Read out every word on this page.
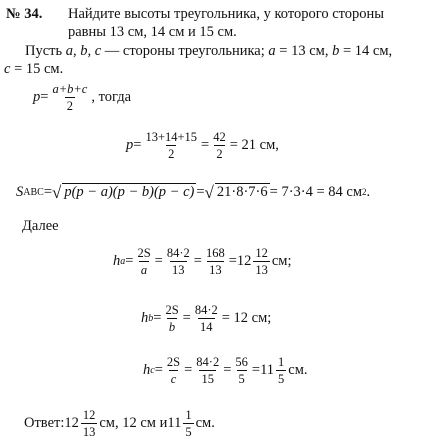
№ 34. Найдите высоты треугольника, у которого стороны
равны 13 см, 14 см и 15 см.
Пусть a, b, c — стороны треугольника; a = 13 см, b = 14 см,
c = 15 см.
$p = \frac{a+b+c}{2}$ , тогда
$p = \frac{13+14+15}{2} = \frac{42}{2} = 21$ см,
S ABC = √ p(p − a)(p − b)(p − c) = √ 21·8·7·6 = 7·3·4 = 84 см 2 .
Далее
h $a = \frac{2S}{a} = \frac{84\cdot 2}{13} = \frac{168}{13} = 12 \frac{12}{13}$ см;
h $b = \frac{2S}{b} = \frac{84\cdot 2}{14} = 12$ см;
h $c = \frac{2S}{c} = \frac{84\cdot 2}{15} = \frac{56}{5} = 11 \frac{1}{5}$ см.
Ответ: $12 \frac{12}{13}$ см, 12 см и $11 \frac{1}{5}$ см.
